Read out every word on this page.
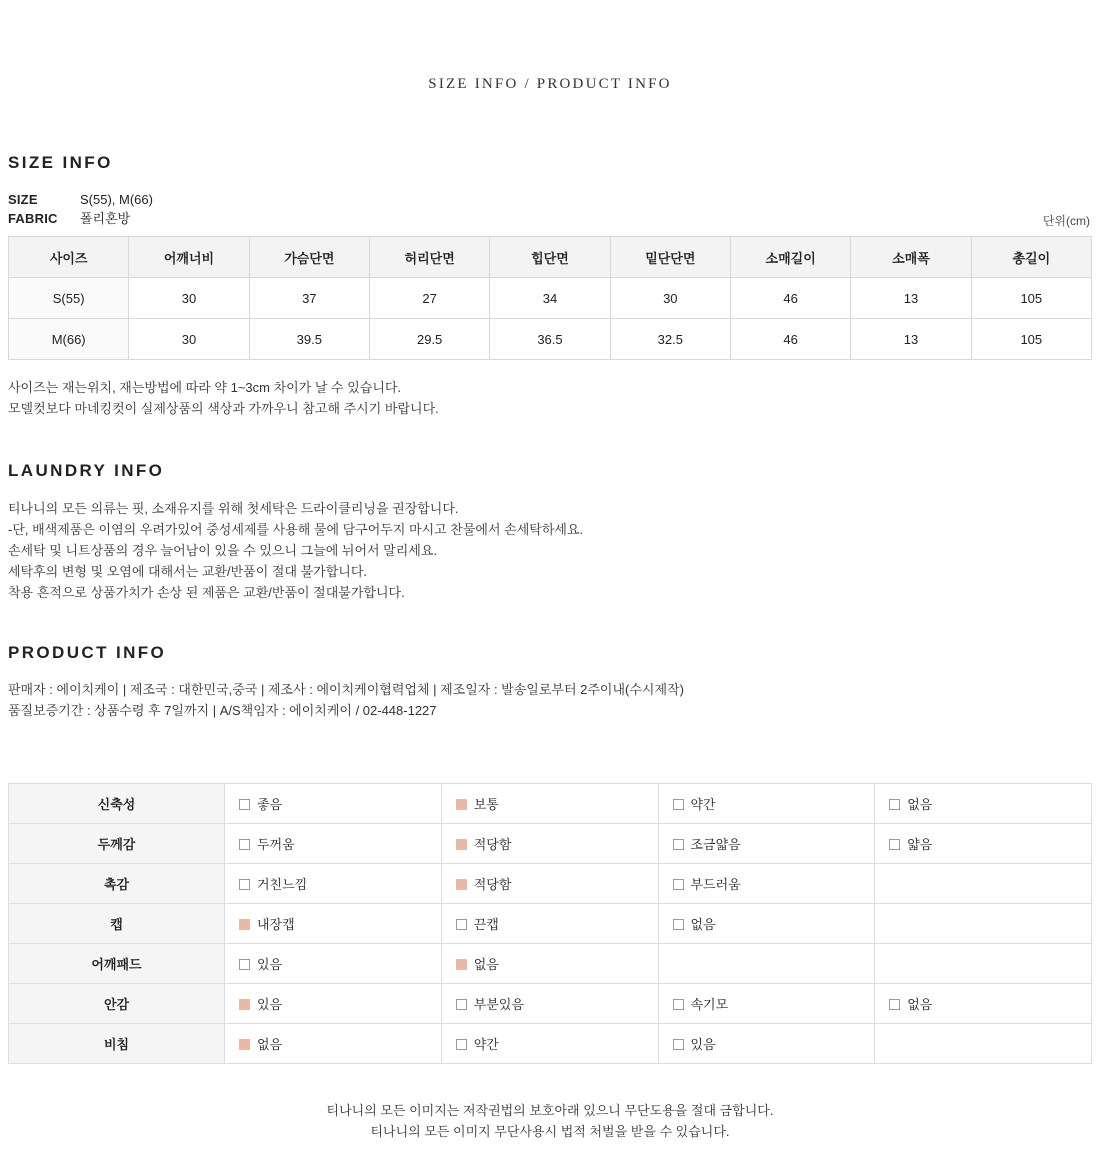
SIZE INFO / PRODUCT INFO
SIZE INFO
SIZE	S(55), M(66)
FABRIC	폴리혼방	단위(cm)
사이즈	어깨너비	가슴단면	허리단면	힙단면	밑단단면	소매길이	소매폭	총길이
S(55)	30	37	27	34	30	46	13	105
M(66)	30	39.5	29.5	36.5	32.5	46	13	105
사이즈는 재는위치, 재는방법에 따라 약 1~3cm 차이가 날 수 있습니다.
모델컷보다 마네킹컷이 실제상품의 색상과 가까우니 참고해 주시기 바랍니다.
LAUNDRY INFO
티나니의 모든 의류는 핏, 소재유지를 위해 첫세탁은 드라이클리닝을 권장합니다.
-단, 배색제품은 이염의 우려가있어 중성세제를 사용해 물에 담구어두지 마시고 찬물에서 손세탁하세요.
손세탁 및 니트상품의 경우 늘어남이 있을 수 있으니 그늘에 뉘어서 말리세요.
세탁후의 변형 및 오염에 대해서는 교환/반품이 절대 불가합니다.
착용 흔적으로 상품가치가 손상 된 제품은 교환/반품이 절대불가합니다.
PRODUCT INFO
판매자 : 에이치케이 | 제조국 : 대한민국,중국 | 제조사 : 에이치케이협력업체 | 제조일자 : 발송일로부터 2주이내(수시제작)
품질보증기간 : 상품수령 후 7일까지 | A/S책임자 : 에이치케이 / 02-448-1227
신축성	좋음	보통	약간	없음
두께감	두꺼움	적당함	조금얇음	얇음
촉감	거친느낌	적당함	부드러움	
캡	내장캡	끈캡	없음	
어깨패드	있음	없음		
안감	있음	부분있음	속기모	없음
비침	없음	약간	있음	
티나니의 모든 이미지는 저작권법의 보호아래 있으니 무단도용을 절대 금합니다.
티나니의 모든 이미지 무단사용시 법적 처벌을 받을 수 있습니다.
